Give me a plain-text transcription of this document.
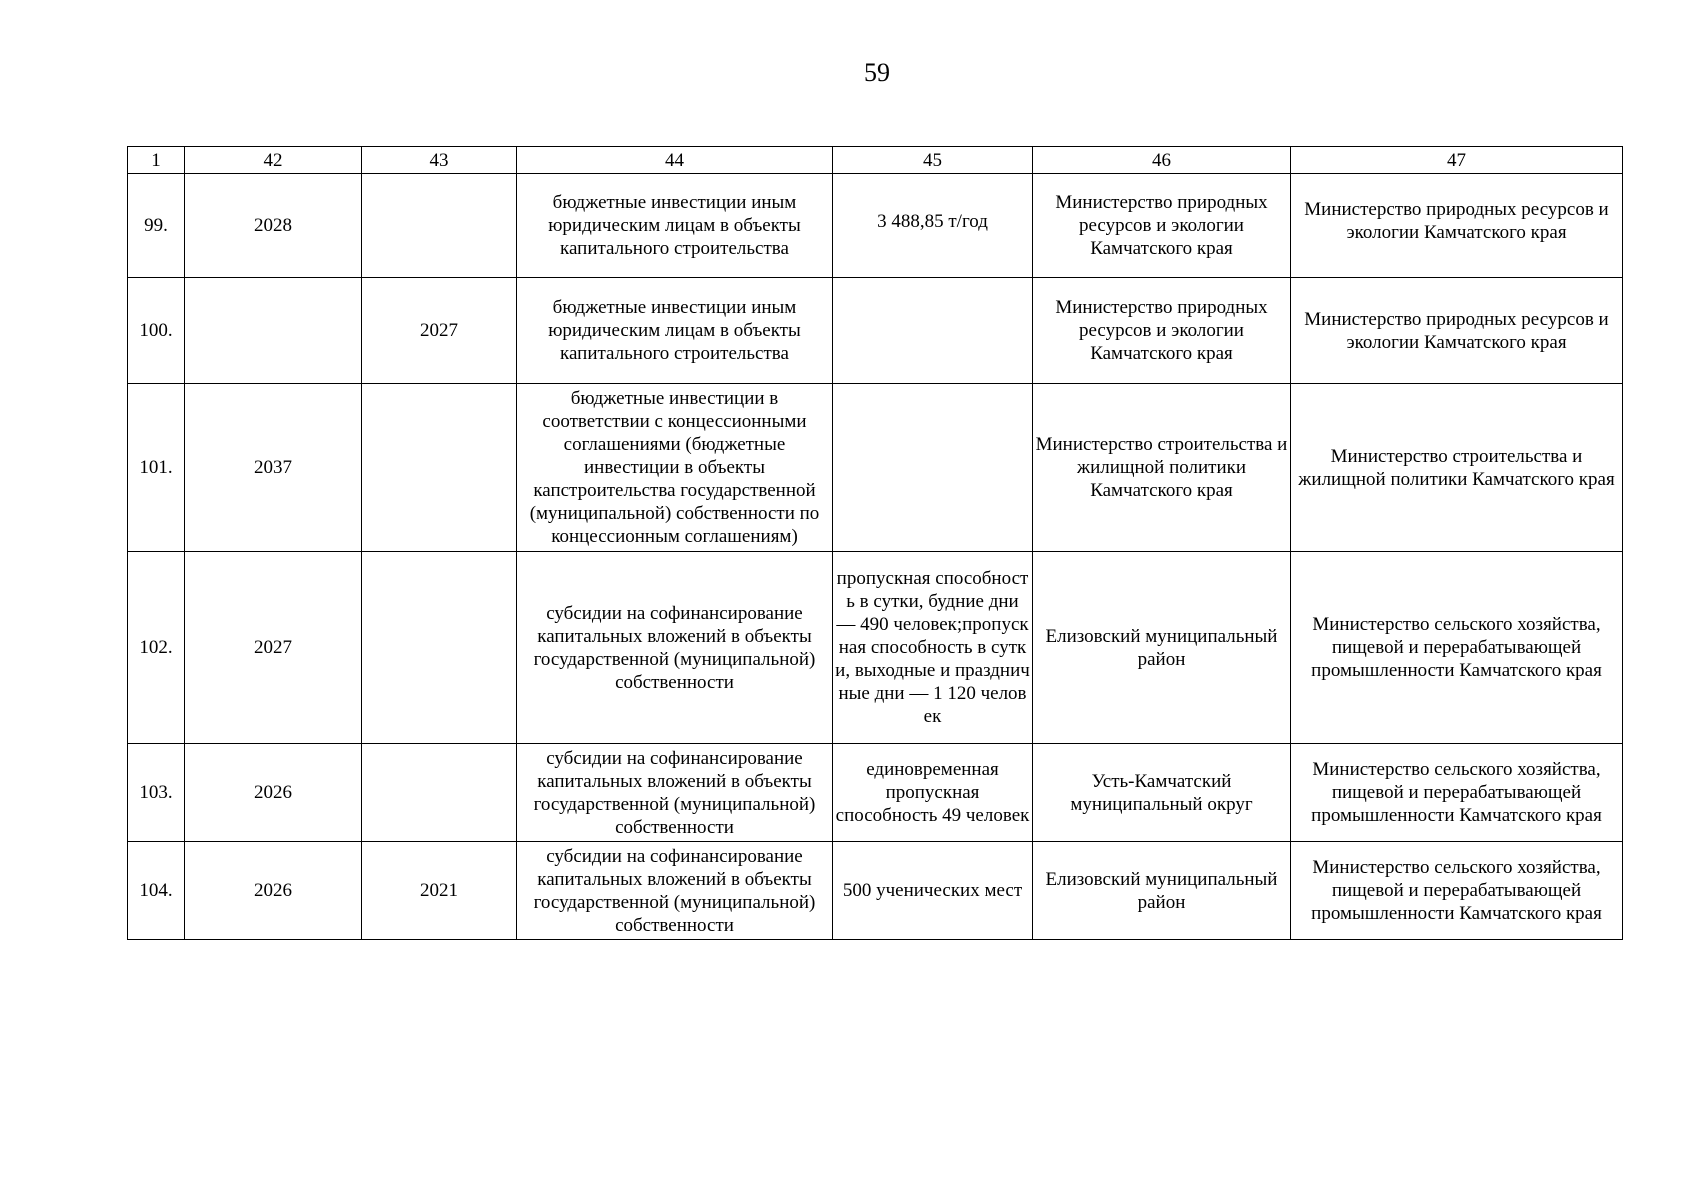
59
1	42	43	44	45	46	47
99.	2028		бюджетные инвестиции иным юридическим лицам в объекты капитального строительства	3 488,85 т/год	Министерство природных ресурсов и экологии Камчатского края	Министерство природных ресурсов и экологии Камчатского края
100.		2027	бюджетные инвестиции иным юридическим лицам в объекты капитального строительства		Министерство природных ресурсов и экологии Камчатского края	Министерство природных ресурсов и экологии Камчатского края
101.	2037		бюджетные инвестиции в соответствии с концессионными соглашениями (бюджетные инвестиции в объекты капстроительства государственной (муниципальной) собственности по концессионным соглашениям)		Министерство строительства и жилищной политики Камчатского края	Министерство строительства и жилищной политики Камчатского края
102.	2027		субсидии на софинансирование капитальных вложений в объекты государственной (муниципальной) собственности	пропускная способность в сутки, будние дни — 490 человек;пропускная способность в сутки, выходные и праздничные дни — 1 120 человек	Елизовский муниципальный район	Министерство сельского хозяйства, пищевой и перерабатывающей промышленности Камчатского края
103.	2026		субсидии на софинансирование капитальных вложений в объекты государственной (муниципальной) собственности	единовременная пропускная способность 49 человек	Усть-Камчатский муниципальный округ	Министерство сельского хозяйства, пищевой и перерабатывающей промышленности Камчатского края
104.	2026	2021	субсидии на софинансирование капитальных вложений в объекты государственной (муниципальной) собственности	500 ученических мест	Елизовский муниципальный район	Министерство сельского хозяйства, пищевой и перерабатывающей промышленности Камчатского края
